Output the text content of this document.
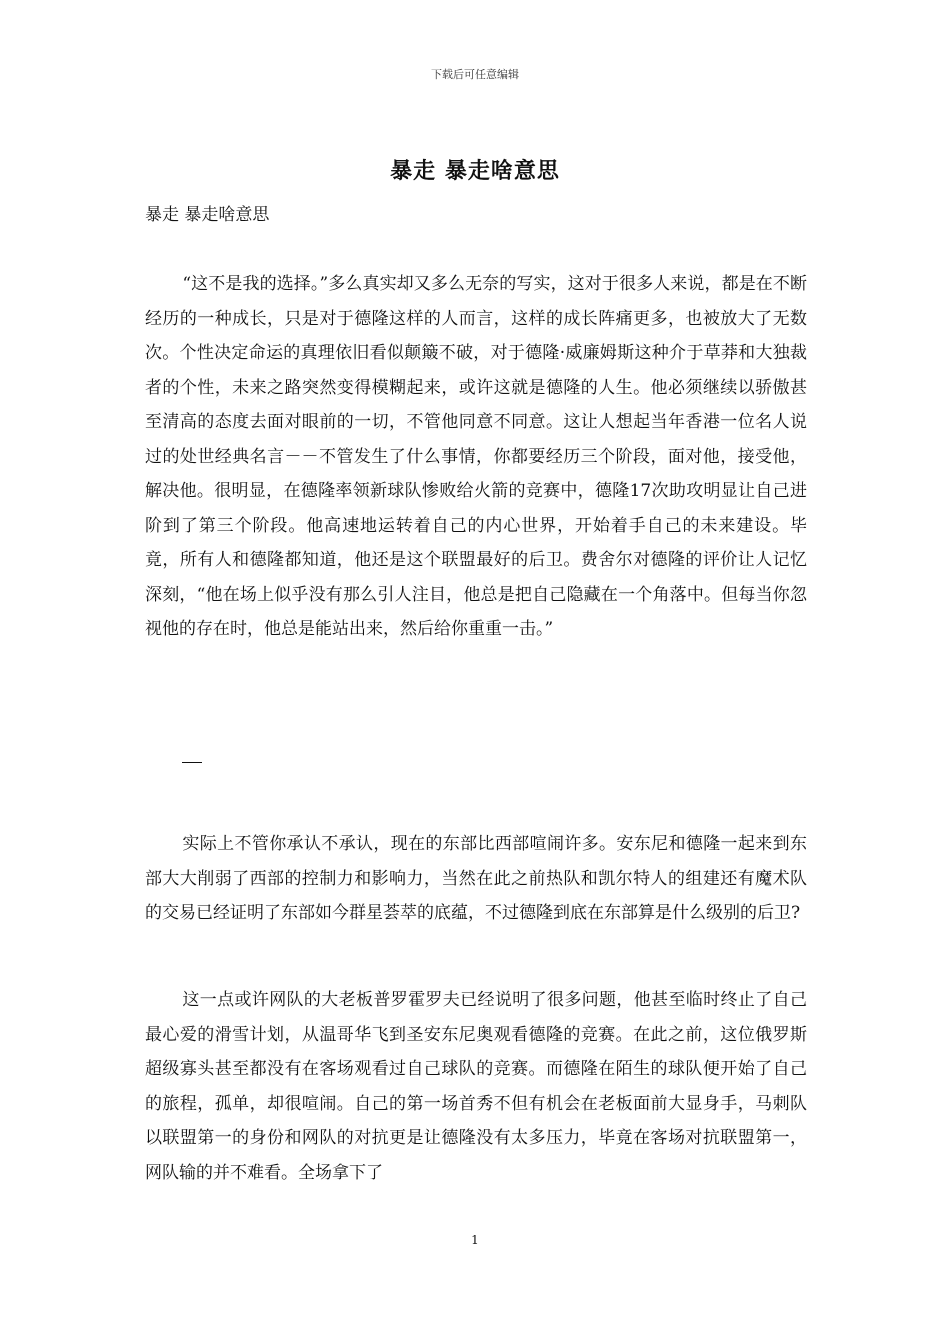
下载后可任意编辑
暴走 暴走啥意思

暴走 暴走啥意思

“这不是我的选择。”多么真实却又多么无奈的写实，这对于很多人来说，都是在不断经历的一种成长，只是对于德隆这样的人而言，这样的成长阵痛更多，也被放大了无数次。个性决定命运的真理依旧看似颠簸不破，对于德隆·威廉姆斯这种介于草莽和大独裁者的个性，未来之路突然变得模糊起来，或许这就是德隆的人生。他必须继续以骄傲甚至清高的态度去面对眼前的一切，不管他同意不同意。这让人想起当年香港一位名人说过的处世经典名言－－不管发生了什么事情，你都要经历三个阶段，面对他，接受他，解决他。很明显，在德隆率领新球队惨败给火箭的竞赛中，德隆17次助攻明显让自己进阶到了第三个阶段。他高速地运转着自己的内心世界，开始着手自己的未来建设。毕竟，所有人和德隆都知道，他还是这个联盟最好的后卫。费舍尔对德隆的评价让人记忆深刻，“他在场上似乎没有那么引人注目，他总是把自己隐藏在一个角落中。但每当你忽视他的存在时，他总是能站出来，然后给你重重一击。”

实际上不管你承认不承认，现在的东部比西部喧闹许多。安东尼和德隆一起来到东部大大削弱了西部的控制力和影响力，当然在此之前热队和凯尔特人的组建还有魔术队的交易已经证明了东部如今群星荟萃的底蕴，不过德隆到底在东部算是什么级别的后卫?

这一点或许网队的大老板普罗霍罗夫已经说明了很多问题，他甚至临时终止了自己最心爱的滑雪计划，从温哥华飞到圣安东尼奥观看德隆的竞赛。在此之前，这位俄罗斯超级寡头甚至都没有在客场观看过自己球队的竞赛。而德隆在陌生的球队便开始了自己的旅程，孤单，却很喧闹。自己的第一场首秀不但有机会在老板面前大显身手，马刺队以联盟第一的身份和网队的对抗更是让德隆没有太多压力，毕竟在客场对抗联盟第一，网队输的并不难看。全场拿下了

1
